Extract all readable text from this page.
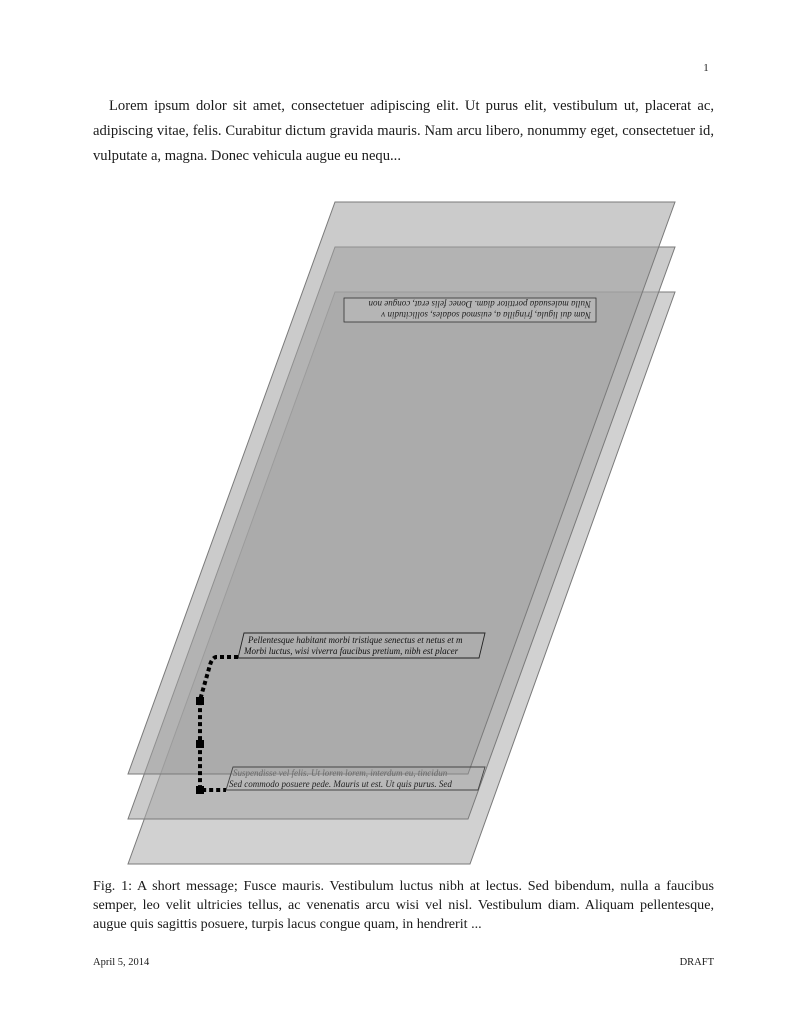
1

Lorem ipsum dolor sit amet, consectetuer adipiscing elit. Ut purus elit, vestibulum ut, placerat ac, adipiscing vitae, felis. Curabitur dictum gravida mauris. Nam arcu libero, nonummy eget, consectetuer id, vulputate a, magna. Donec vehicula augue eu nequ...

Nam dui ligula, fringilla a, euismod sodales, sollicitudin v
Nulla malesuada porttitor diam. Donec felis erat, congue non
Pellentesque habitant morbi tristique senectus et netus et m
Morbi luctus, wisi viverra faucibus pretium, nibh est placer
Suspendisse vel felis. Ut lorem lorem, interdum eu, tincidun
Sed commodo posuere pede. Mauris ut est. Ut quis purus. Sed

Fig. 1: A short message; Fusce mauris. Vestibulum luctus nibh at lectus. Sed bibendum, nulla a faucibus semper, leo velit ultricies tellus, ac venenatis arcu wisi vel nisl. Vestibulum diam. Aliquam pellentesque, augue quis sagittis posuere, turpis lacus congue quam, in hendrerit ...

April 5, 2014	DRAFT
